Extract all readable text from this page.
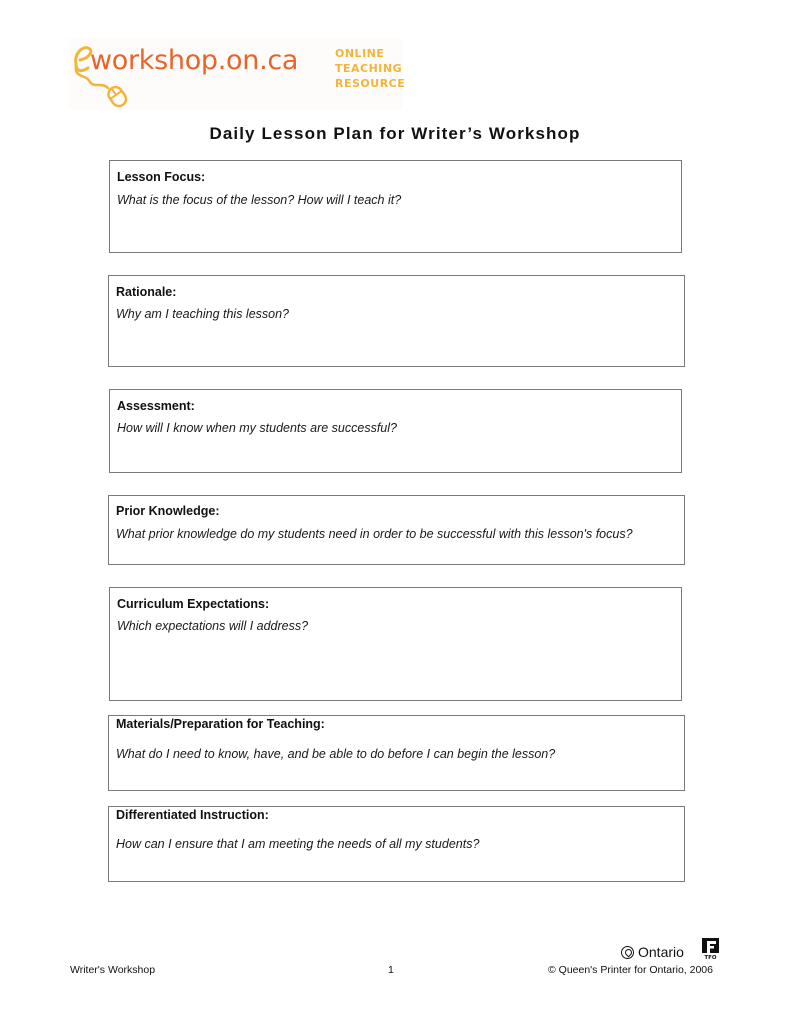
workshop.on.ca	ONLINE
TEACHING
RESOURCE
Daily Lesson Plan for Writer’s Workshop
Lesson Focus:
What is the focus of the lesson? How will I teach it?
Rationale:
Why am I teaching this lesson?
Assessment:
How will I know when my students are successful?
Prior Knowledge:
What prior knowledge do my students need in order to be successful with this lesson's focus?
Curriculum Expectations:
Which expectations will I address?
Materials/Preparation for Teaching:
What do I need to know, have, and be able to do before I can begin the lesson?
Differentiated Instruction:
How can I ensure that I am meeting the needs of all my students?
Ontario	TFO
Writer's Workshop	1	© Queen's Printer for Ontario, 2006
